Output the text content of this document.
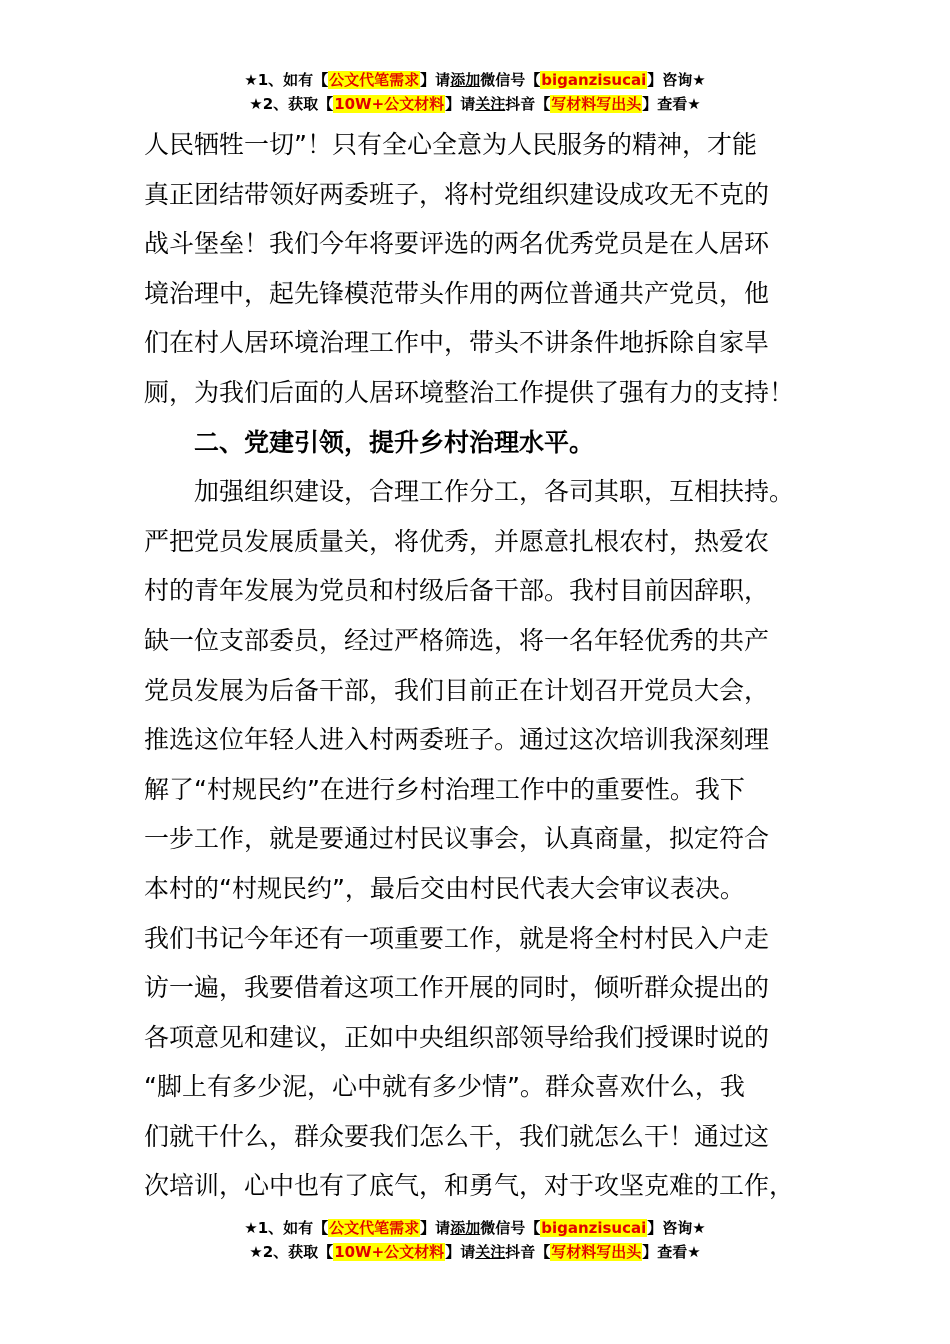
★1、如有【公文代笔需求】请添加微信号【biganzisucai】咨询★
★2、获取【10W+公文材料】请关注抖音【写材料写出头】查看★
人民牺牲一切”！只有全心全意为人民服务的精神，才能
真正团结带领好两委班子，将村党组织建设成攻无不克的
战斗堡垒！我们今年将要评选的两名优秀党员是在人居环
境治理中，起先锋模范带头作用的两位普通共产党员，他
们在村人居环境治理工作中，带头不讲条件地拆除自家旱
厕，为我们后面的人居环境整治工作提供了强有力的支持！
　　二、党建引领，提升乡村治理水平。
　　加强组织建设，合理工作分工，各司其职，互相扶持。
严把党员发展质量关，将优秀，并愿意扎根农村，热爱农
村的青年发展为党员和村级后备干部。我村目前因辞职，
缺一位支部委员，经过严格筛选，将一名年轻优秀的共产
党员发展为后备干部，我们目前正在计划召开党员大会，
推选这位年轻人进入村两委班子。通过这次培训我深刻理
解了“村规民约”在进行乡村治理工作中的重要性。我下
一步工作，就是要通过村民议事会，认真商量，拟定符合
本村的“村规民约”，最后交由村民代表大会审议表决。
我们书记今年还有一项重要工作，就是将全村村民入户走
访一遍，我要借着这项工作开展的同时，倾听群众提出的
各项意见和建议，正如中央组织部领导给我们授课时说的
“脚上有多少泥，心中就有多少情”。群众喜欢什么，我
们就干什么，群众要我们怎么干，我们就怎么干！通过这
次培训，心中也有了底气，和勇气，对于攻坚克难的工作，
★1、如有【公文代笔需求】请添加微信号【biganzisucai】咨询★
★2、获取【10W+公文材料】请关注抖音【写材料写出头】查看★
